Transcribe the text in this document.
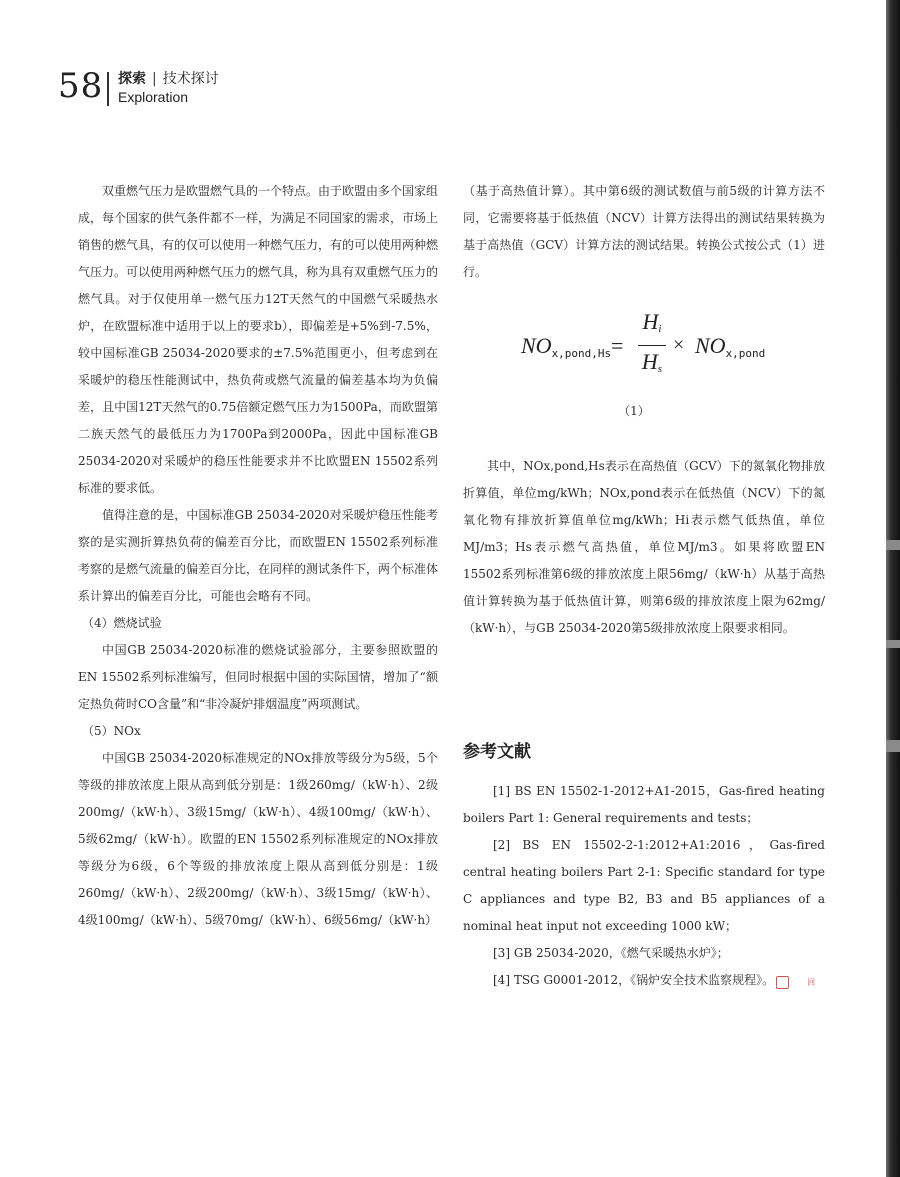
58 探索 | 技术探讨
Exploration

双重燃气压力是欧盟燃气具的一个特点。由于欧盟由多个国家组成，每个国家的供气条件都不一样，为满足不同国家的需求，市场上销售的燃气具，有的仅可以使用一种燃气压力，有的可以使用两种燃气压力。可以使用两种燃气压力的燃气具，称为具有双重燃气压力的燃气具。对于仅使用单一燃气压力12T天然气的中国燃气采暖热水炉，在欧盟标准中适用于以上的要求b），即偏差是+5%到-7.5%，较中国标准GB 25034-2020要求的±7.5%范围更小，但考虑到在采暖炉的稳压性能测试中，热负荷或燃气流量的偏差基本均为负偏差，且中国12T天然气的0.75倍额定燃气压力为1500Pa，而欧盟第二族天然气的最低压力为1700Pa到2000Pa，因此中国标准GB 25034-2020对采暖炉的稳压性能要求并不比欧盟EN 15502系列标准的要求低。

值得注意的是，中国标准GB 25034-2020对采暖炉稳压性能考察的是实测折算热负荷的偏差百分比，而欧盟EN 15502系列标准考察的是燃气流量的偏差百分比，在同样的测试条件下，两个标准体系计算出的偏差百分比，可能也会略有不同。

（4）燃烧试验

中国GB 25034-2020标准的燃烧试验部分，主要参照欧盟的EN 15502系列标准编写，但同时根据中国的实际国情，增加了“额定热负荷时CO含量”和“非冷凝炉排烟温度”两项测试。

（5）NOx

中国GB 25034-2020标准规定的NOx排放等级分为5级，5个等级的排放浓度上限从高到低分别是：1级260mg/（kW·h）、2级200mg/（kW·h）、3级15mg/（kW·h）、4级100mg/（kW·h）、5级62mg/（kW·h）。欧盟的EN 15502系列标准规定的NOx排放等级分为6级，6个等级的排放浓度上限从高到低分别是：1级260mg/（kW·h）、2级200mg/（kW·h）、3级15mg/（kW·h）、4级100mg/（kW·h）、5级70mg/（kW·h）、6级56mg/（kW·h）

（基于高热值计算）。其中第6级的测试数值与前5级的计算方法不同，它需要将基于低热值（NCV）计算方法得出的测试结果转换为基于高热值（GCV）计算方法的测试结果。转换公式按公式（1）进行。

$NO_{x,pond,Hs}$ =
$H_i$
$H_s$
× $NO_{x,pond}$
（1）

其中，NOx,pond,Hs表示在高热值（GCV）下的氮氧化物排放折算值，单位mg/kWh；NOx,pond表示在低热值（NCV）下的氮氧化物有排放折算值单位mg/kWh；Hi表示燃气低热值，单位MJ/m3；Hs表示燃气高热值，单位MJ/m3。如果将欧盟EN 15502系列标准第6级的排放浓度上限56mg/（kW·h）从基于高热值计算转换为基于低热值计算，则第6级的排放浓度上限为62mg/（kW·h），与GB 25034-2020第5级排放浓度上限要求相同。

参考文献

[1] BS EN 15502-1-2012+A1-2015，Gas-fired heating boilers Part 1: General requirements and tests；

[2] BS EN 15502-2-1:2012+A1:2016，Gas-fired central heating boilers Part 2-1: Specific standard for type C appliances and type B2, B3 and B5 appliances of a nominal heat input not exceeding 1000 kW；

[3] GB 25034-2020，《燃气采暖热水炉》；

[4] TSG G0001-2012，《锅炉安全技术监察规程》。	回
